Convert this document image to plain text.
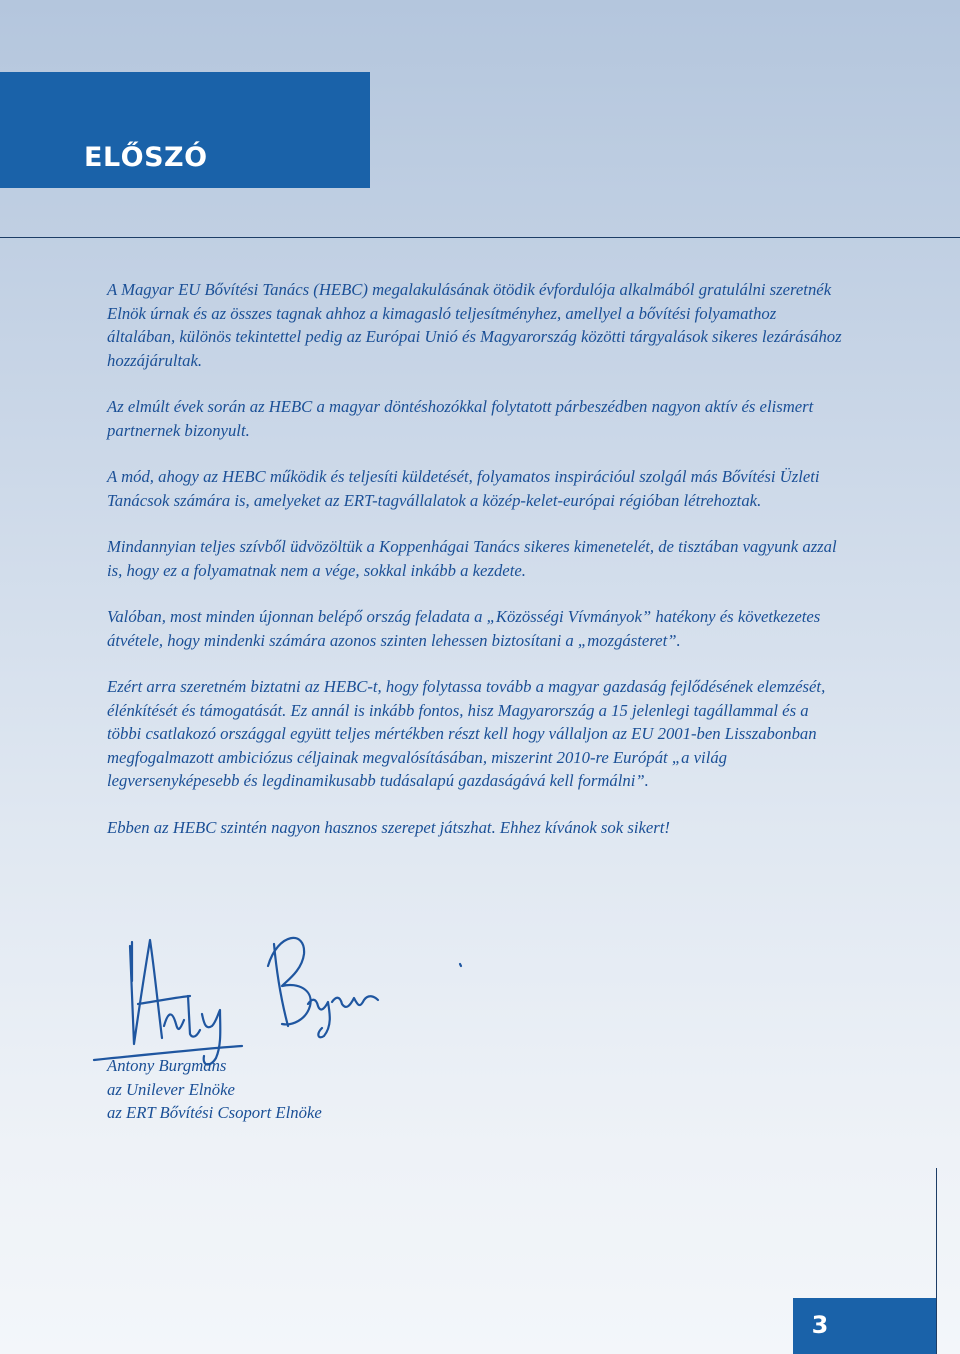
ELŐSZÓ

A Magyar EU Bővítési Tanács (HEBC) megalakulásának ötödik évfordulója alkalmából gratulálni szeretnék Elnök úrnak és az összes tagnak ahhoz a kimagasló teljesítményhez, amellyel a bővítési folyamathoz általában, különös tekintettel pedig az Európai Unió és Magyarország közötti tárgyalások sikeres lezárásához hozzájárultak.

Az elmúlt évek során az HEBC a magyar döntéshozókkal folytatott párbeszédben nagyon aktív és elismert partnernek bizonyult.

A mód, ahogy az HEBC működik és teljesíti küldetését, folyamatos inspirációul szolgál más Bővítési Üzleti Tanácsok számára is, amelyeket az ERT-tagvállalatok a közép-kelet-európai régióban létrehoztak.

Mindannyian teljes szívből üdvözöltük a Koppenhágai Tanács sikeres kimenetelét, de tisztában vagyunk azzal is, hogy ez a folyamatnak nem a vége, sokkal inkább a kezdete.

Valóban, most minden újonnan belépő ország feladata a „Közösségi Vívmányok” hatékony és következetes átvétele, hogy mindenki számára azonos szinten lehessen biztosítani a „mozgásteret”.

Ezért arra szeretném biztatni az HEBC-t, hogy folytassa tovább a magyar gazdaság fejlődésének elemzését, élénkítését és támogatását. Ez annál is inkább fontos, hisz Magyarország a 15 jelenlegi tagállammal és a többi csatlakozó országgal együtt teljes mértékben részt kell hogy vállaljon az EU 2001-ben Lisszabonban megfogalmazott ambiciózus céljainak megvalósításában, miszerint 2010-re Európát „a világ legversenyképesebb és legdinamikusabb tudásalapú gazdaságává kell formálni”.

Ebben az HEBC szintén nagyon hasznos szerepet játszhat. Ehhez kívánok sok sikert!

Antony Burgmans
az Unilever Elnöke
az ERT Bővítési Csoport Elnöke
3
